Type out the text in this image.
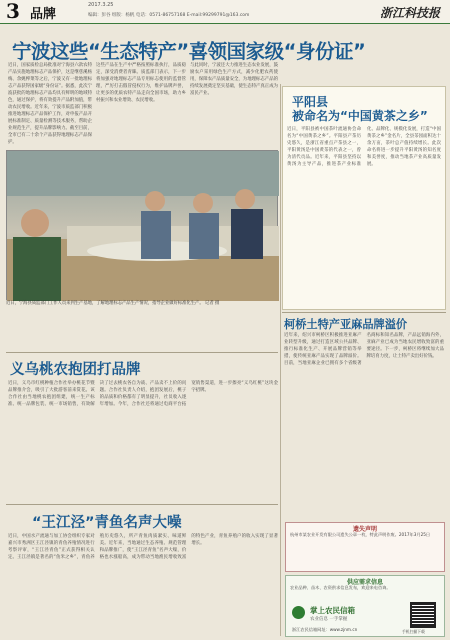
3 品牌
2017.3.25
编辑：彭谷 组版：杨帆 电话：0571-86757168 E-mail:99299791@163.com	浙江科技报
宁波这些“生态特产”喜领国家级“身份证”
近日，国家质检总局批准对宁海县六款农特产品实施地理标志产品保护，这是继慈溪杨梅、余姚榨菜等之后，宁波又有一批地理标志产品获得国家级“身份证”。据悉，此次宁波获批的地理标志产品均具有鲜明的地域特色，通过保护，将有效提升产品附加值，带动农民增收。近年来，宁波市质监部门积极推进地理标志产品保护工作，对申报产品开展标准制定、质量检测等技术服务，帮助企业规范生产，提升品牌影响力。截至目前，全市已有二十余个产品获得地理标志产品保护。
这些产品在生产中严格按照标准执行，品质稳定，深受消费者青睐。质监部门表示，下一步将加强对地理标志产品专用标志使用的监督管理，严厉打击假冒侵权行为，维护品牌声誉，让更多的优质农特产品走向全国市场，助力乡村振兴和农业增效、农民增收。
与此同时，宁波还大力推进生态农业发展，鼓励农户采用绿色生产方式，减少化肥农药使用，保障农产品质量安全，为地理标志产品的持续发展奠定坚实基础，使生态特产真正成为富民产业。
近日，宁海县质监部门工作人员来到生产基地，了解地理标志产品生产情况，指导企业做好标准化生产。 记者 摄
平阳县
被命名为“中国黄茶之乡”
近日，平阳县被中国茶叶流通协会命名为“中国黄茶之乡”。平阳县产茶历史悠久，是浙江省重点产茶县之一，平阳黄汤是中国黄茶的代表之一，曾为清代贡品。近年来，平阳县坚持以黄汤为主导产品，推进茶产业标准化、品牌化、规模化发展，打造“中国黄茶之乡”金名片，全县茶园面积达十余万亩，茶叶总产值持续增长。此次命名将进一步提升平阳黄汤的知名度和美誉度，推动当地茶产业高质量发展。
柯桥土特产亚麻品牌溢价
近年来，绍兴市柯桥区积极推进亚麻产业转型升级，通过打造区域公共品牌、推行标准化生产、开展品牌营销等举措，使传统亚麻产品实现了品牌溢价。目前，当地亚麻企业已拥有多个省级著名商标和知名品牌，产品远销海内外，亚麻产业已成为当地农民增收致富的重要途径。下一步，柯桥区将继续加大品牌培育力度，让土特产卖出好价钱。
义乌桃农抱团打品牌
近日，义乌市红桃种植合作社举办桃花节暨品牌推介会，吸引了大批游客前来赏花。该合作社由当地桃农抱团组建，统一生产标准、统一品牌包装、统一市场销售，有效解决了过去桃农各自为战、产品卖不上价的问题。合作社负责人介绍，抱团发展后，桃子的品质和价格都有了明显提升，社员收入逐年增加。今年，合作社还将通过电商平台拓宽销售渠道，进一步擦亮“义乌红桃”这块金字招牌。
“王江泾”青鱼名声大噪
近日，中国水产流通与加工协会组织专家对嘉兴市秀洲区王江泾镇的青鱼养殖情况进行考察评审，“王江泾青鱼”正式获得相关认定。王江泾镇是著名的“鱼米之乡”，青鱼养殖历史悠久，所产青鱼肉质紧实、味道鲜美。近年来，当地通过生态养殖、规范管理和品牌推广，使“王江泾青鱼”名声大噪，价格也水涨船高，成为带动当地渔民增收致富的特色产业，青鱼养殖户的收入实现了显著增长。
遗失声明
杭州市某农业开发有限公司遗失公章一枚，特此声明作废。2017年3月25日
供应需求信息
农业品种、苗木、农资供求信息发布，欢迎来电咨询。
掌上农民信箱
农业信息 一手掌握
浙江农民信箱网址：www.zjnm.cn	手机扫描下载
